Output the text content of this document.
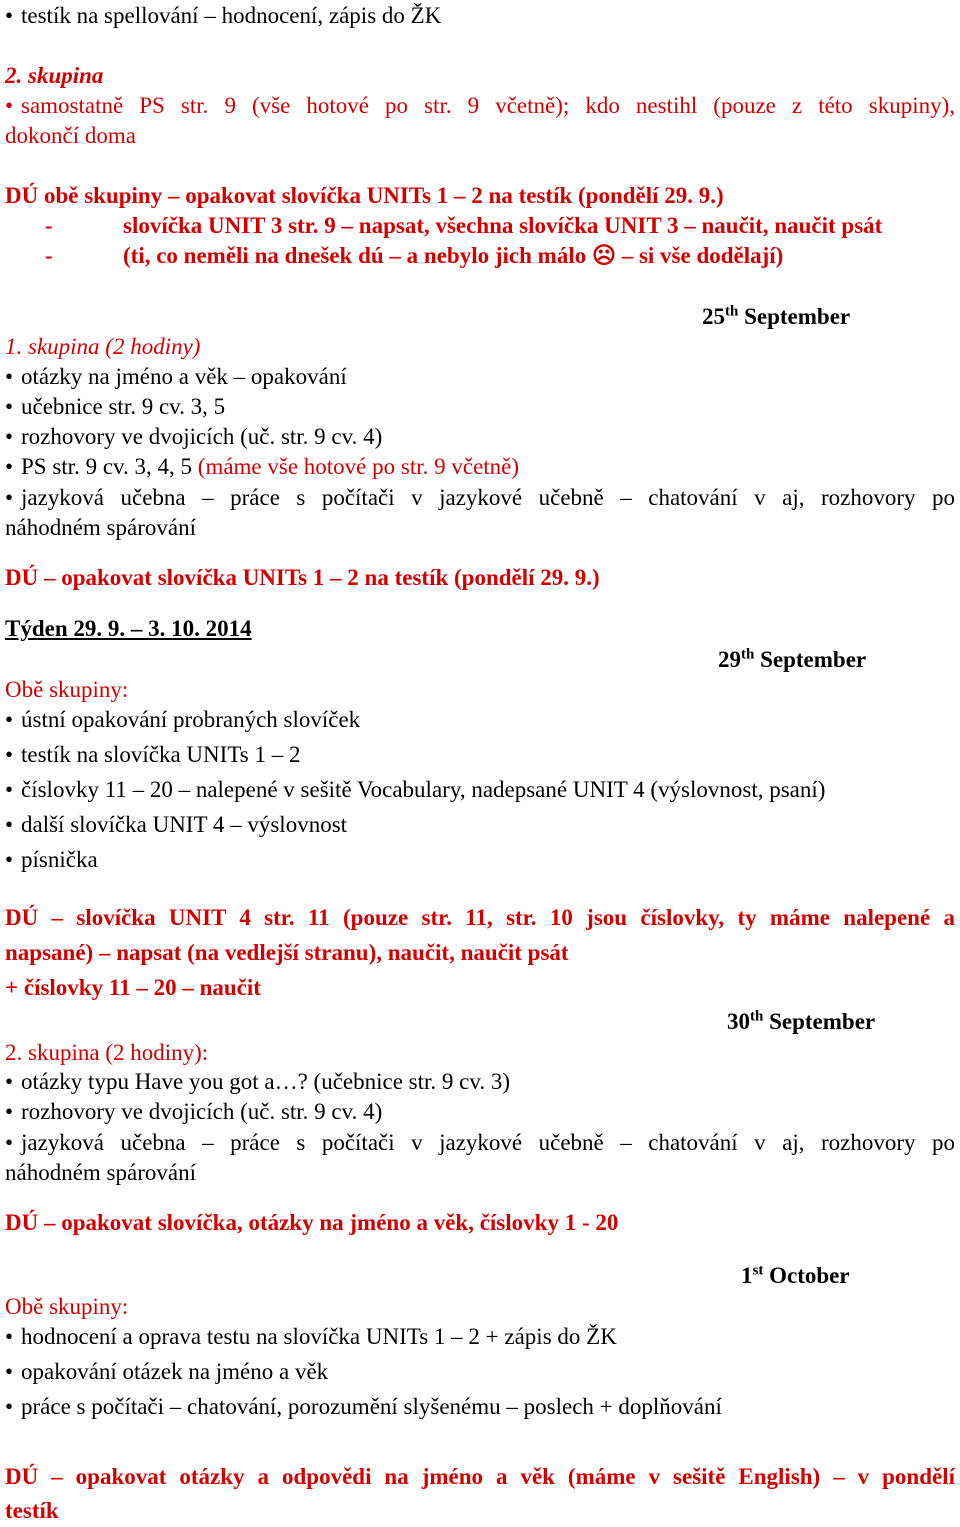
• testík na spellování – hodnocení, zápis do ŽK
2. skupina
• samostatně PS str. 9 (vše hotové po str. 9 včetně); kdo nestihl (pouze z této skupiny),
dokončí doma
DÚ obě skupiny – opakovat slovíčka UNITs 1 – 2 na testík (pondělí 29. 9.)
-	slovíčka UNIT 3 str. 9 – napsat, všechna slovíčka UNIT 3 – naučit, naučit psát
-	(ti, co neměli na dnešek dú – a nebylo jich málo ☹ – si vše dodělají)
25th September
1. skupina (2 hodiny)
• otázky na jméno a věk – opakování
• učebnice str. 9 cv. 3, 5
• rozhovory ve dvojicích (uč. str. 9 cv. 4)
• PS str. 9 cv. 3, 4, 5 (máme vše hotové po str. 9 včetně)
• jazyková učebna – práce s počítači v jazykové učebně – chatování v aj, rozhovory po
náhodném spárování
DÚ – opakovat slovíčka UNITs 1 – 2 na testík (pondělí 29. 9.)
Týden 29. 9. – 3. 10. 2014
29th September
Obě skupiny:
• ústní opakování probraných slovíček
• testík na slovíčka UNITs 1 – 2
• číslovky 11 – 20 – nalepené v sešitě Vocabulary, nadepsané UNIT 4 (výslovnost, psaní)
• další slovíčka UNIT 4 – výslovnost
• písnička
DÚ – slovíčka UNIT 4 str. 11 (pouze str. 11, str. 10 jsou číslovky, ty máme nalepené a
napsané) – napsat (na vedlejší stranu), naučit, naučit psát
+ číslovky 11 – 20 – naučit
30th September
2. skupina (2 hodiny):
• otázky typu Have you got a…? (učebnice str. 9 cv. 3)
• rozhovory ve dvojicích (uč. str. 9 cv. 4)
• jazyková učebna – práce s počítači v jazykové učebně – chatování v aj, rozhovory po
náhodném spárování
DÚ – opakovat slovíčka, otázky na jméno a věk, číslovky 1 - 20
1st October
Obě skupiny:
• hodnocení a oprava testu na slovíčka UNITs 1 – 2 + zápis do ŽK
• opakování otázek na jméno a věk
• práce s počítači – chatování, porozumění slyšenému – poslech + doplňování
DÚ – opakovat otázky a odpovědi na jméno a věk (máme v sešitě English) – v pondělí
testík
